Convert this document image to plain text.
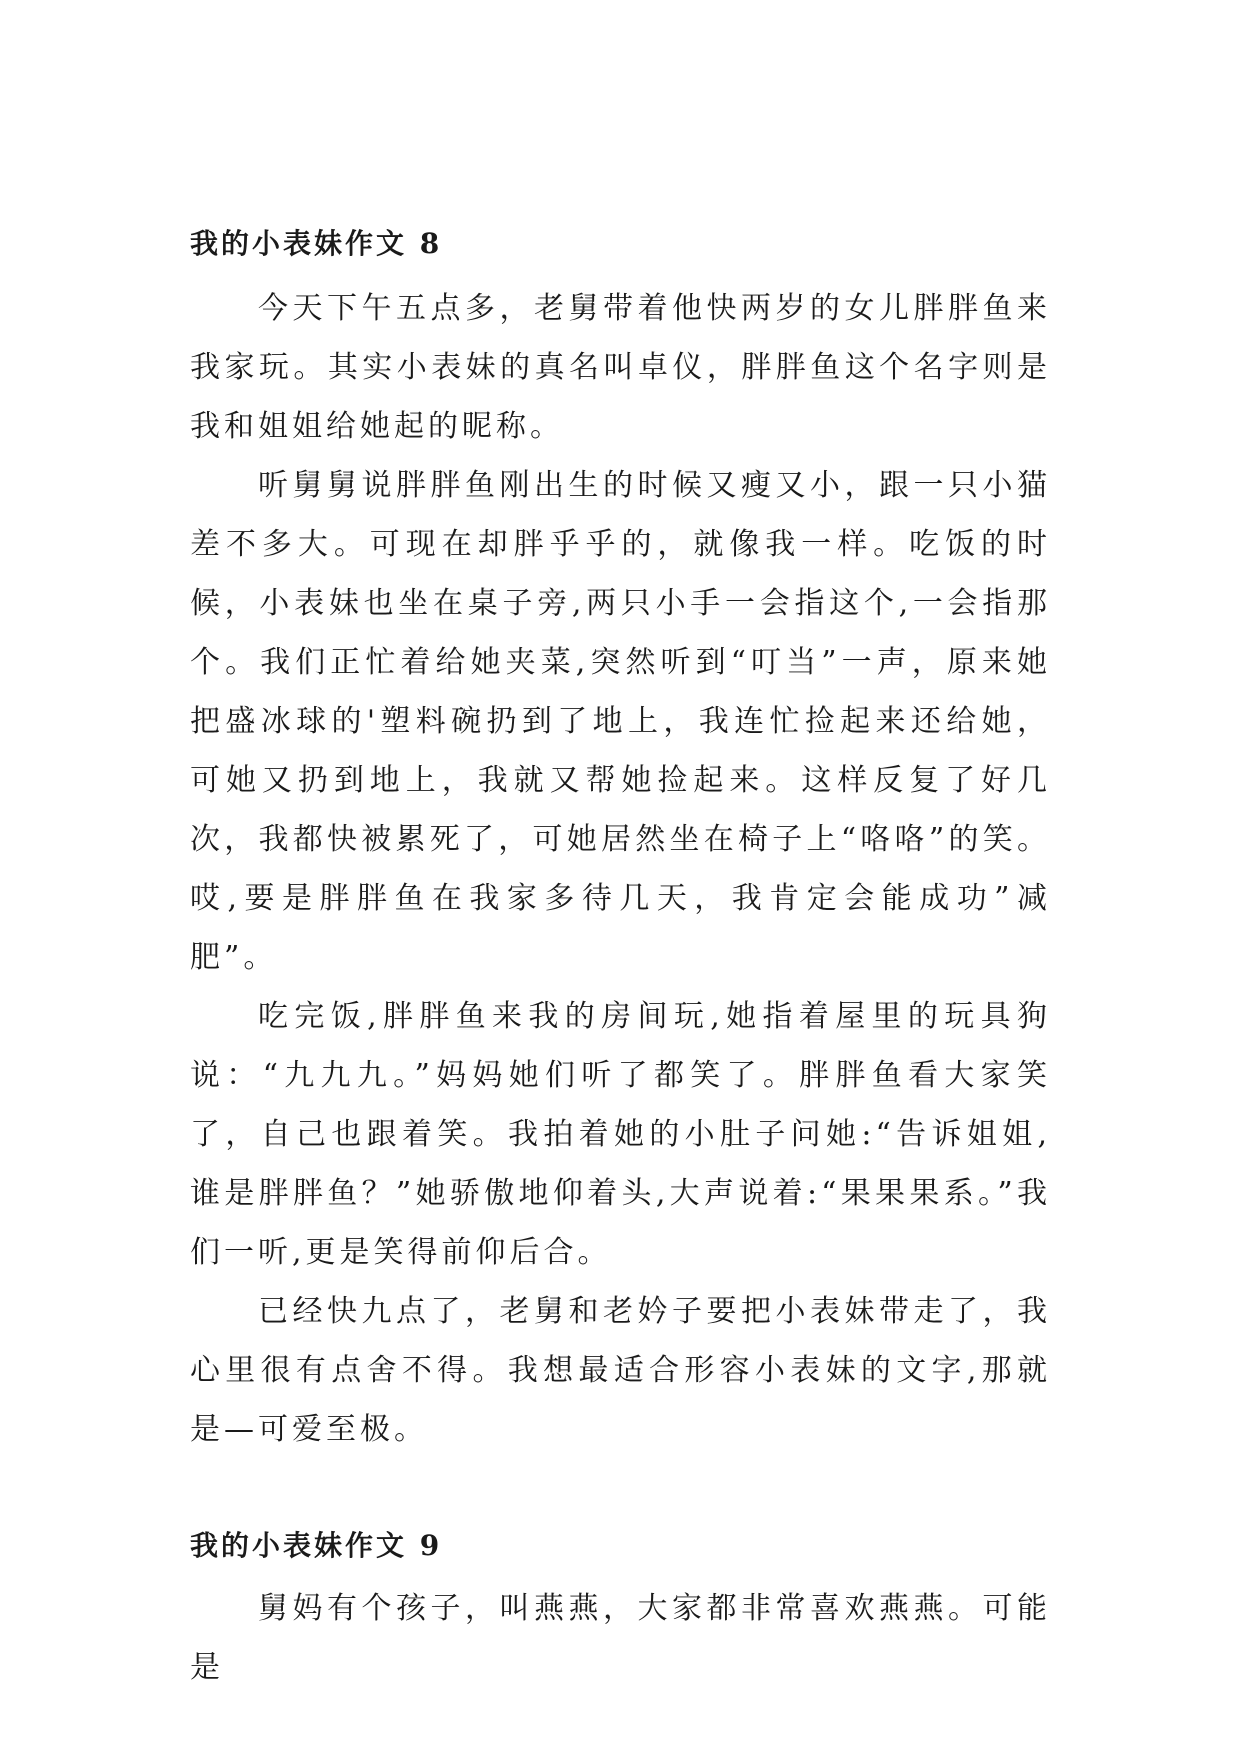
我的小表妹作文 8

今天下午五点多，老舅带着他快两岁的女儿胖胖鱼来我家玩。其实小表妹的真名叫卓仪，胖胖鱼这个名字则是我和姐姐给她起的昵称。

听舅舅说胖胖鱼刚出生的时候又瘦又小，跟一只小猫差不多大。可现在却胖乎乎的，就像我一样。吃饭的时候，小表妹也坐在桌子旁,两只小手一会指这个,一会指那个。我们正忙着给她夹菜,突然听到“叮当”一声，原来她把盛冰球的'塑料碗扔到了地上，我连忙捡起来还给她，可她又扔到地上，我就又帮她捡起来。这样反复了好几次，我都快被累死了，可她居然坐在椅子上“咯咯”的笑。哎,要是胖胖鱼在我家多待几天，我肯定会能成功”减肥”。

吃完饭,胖胖鱼来我的房间玩,她指着屋里的玩具狗说：“九九九。”妈妈她们听了都笑了。胖胖鱼看大家笑了，自己也跟着笑。我拍着她的小肚子问她:“告诉姐姐,谁是胖胖鱼？”她骄傲地仰着头,大声说着:“果果果系。”我们一听,更是笑得前仰后合。

已经快九点了，老舅和老妗子要把小表妹带走了，我心里很有点舍不得。我想最适合形容小表妹的文字,那就是—可爱至极。

我的小表妹作文 9

舅妈有个孩子，叫燕燕，大家都非常喜欢燕燕。可能是
